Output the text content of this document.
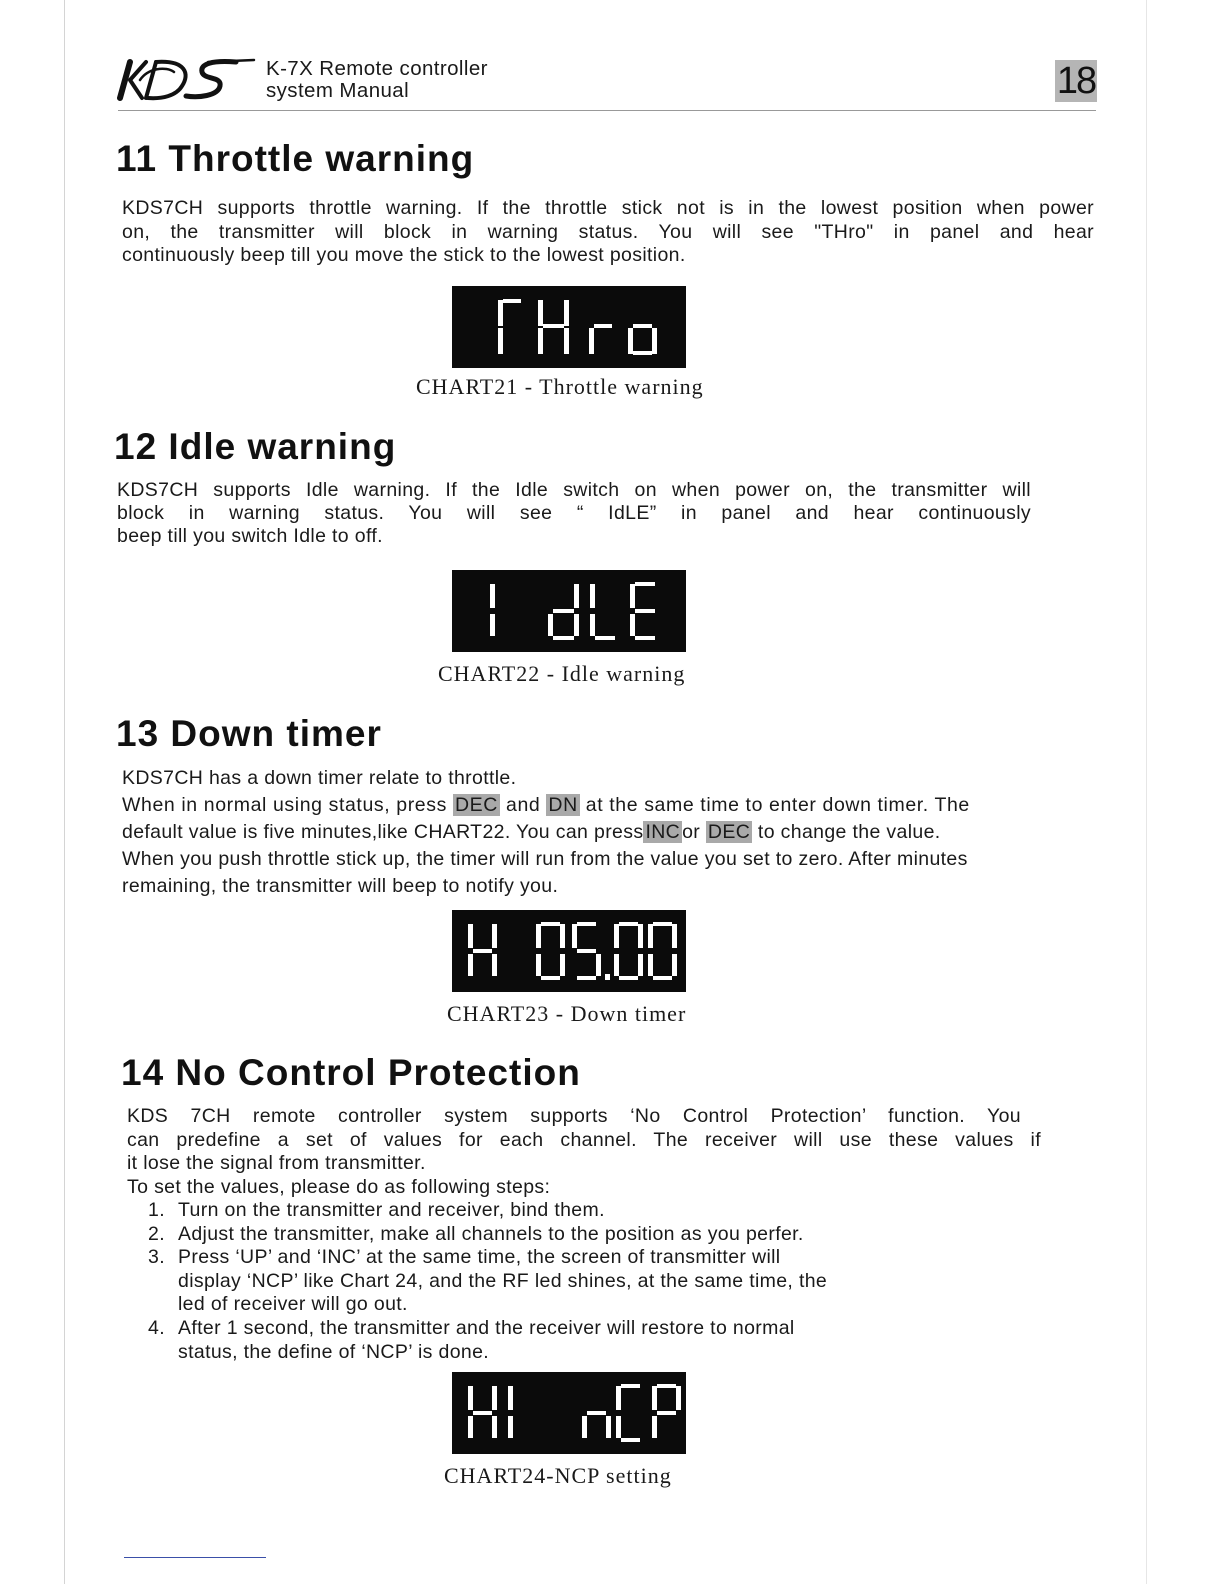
K-7X Remote controller
system Manual	18
11 Throttle warning
KDS7CH supports throttle warning. If the throttle stick not is in the lowest position when power
on, the transmitter will block in warning status. You will see "THro" in panel and hear
continuously beep till you move the stick to the lowest position.
CHART21 - Throttle warning
12 Idle warning
KDS7CH supports Idle warning. If the Idle switch on when power on, the transmitter will
block in warning status. You will see “ IdLE” in panel and hear continuously
beep till you switch Idle to off.
CHART22 - Idle warning
13 Down timer
KDS7CH has a down timer relate to throttle.
When in normal using status, press DEC and DN at the same time to enter down timer. The
default value is five minutes,like CHART22. You can press INC or DEC to change the value.
When you push throttle stick up, the timer will run from the value you set to zero. After minutes
remaining, the transmitter will beep to notify you.
CHART23 - Down timer
14 No Control Protection
KDS 7CH remote controller system supports ‘No Control Protection’ function. You
can predefine a set of values for each channel. The receiver will use these values if
it lose the signal from transmitter.
To set the values, please do as following steps:
1. Turn on the transmitter and receiver, bind them.
2. Adjust the transmitter, make all channels to the position as you perfer.
3. Press ‘UP’ and ‘INC’ at the same time, the screen of transmitter will
display ‘NCP’ like Chart 24, and the RF led shines, at the same time, the
led of receiver will go out.
4. After 1 second, the transmitter and the receiver will restore to normal
status, the define of ‘NCP’ is done.
CHART24-NCP setting
